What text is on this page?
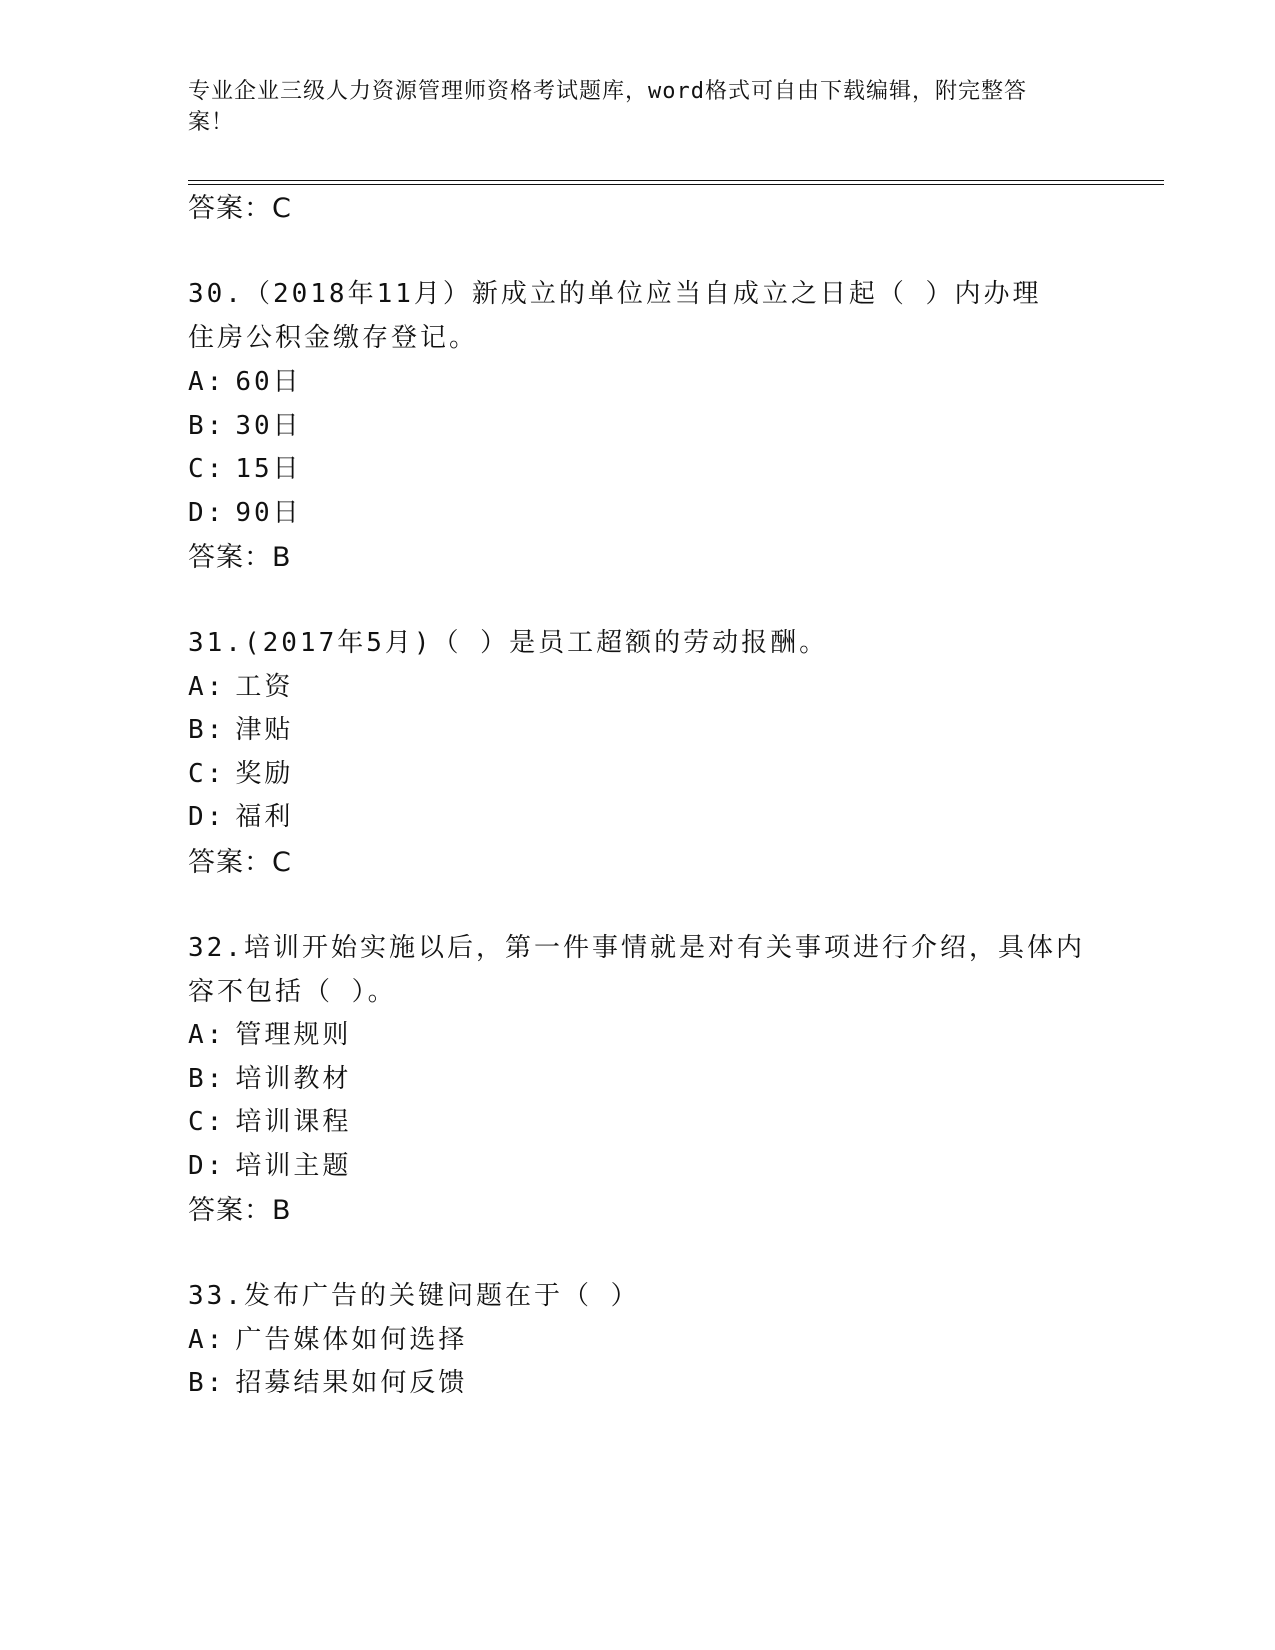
专业企业三级人力资源管理师资格考试题库，word格式可自由下载编辑，附完整答案！
答案：C
30.（2018年11月）新成立的单位应当自成立之日起（ ）内办理
住房公积金缴存登记。
A: 60日
B: 30日
C: 15日
D: 90日
答案：B
31.(2017年5月)（ ）是员工超额的劳动报酬。
A: 工资
B: 津贴
C: 奖励
D: 福利
答案：C
32.培训开始实施以后，第一件事情就是对有关事项进行介绍，具体内
容不包括（ ）。
A: 管理规则
B: 培训教材
C: 培训课程
D: 培训主题
答案：B
33.发布广告的关键问题在于（ ）
A: 广告媒体如何选择
B: 招募结果如何反馈
